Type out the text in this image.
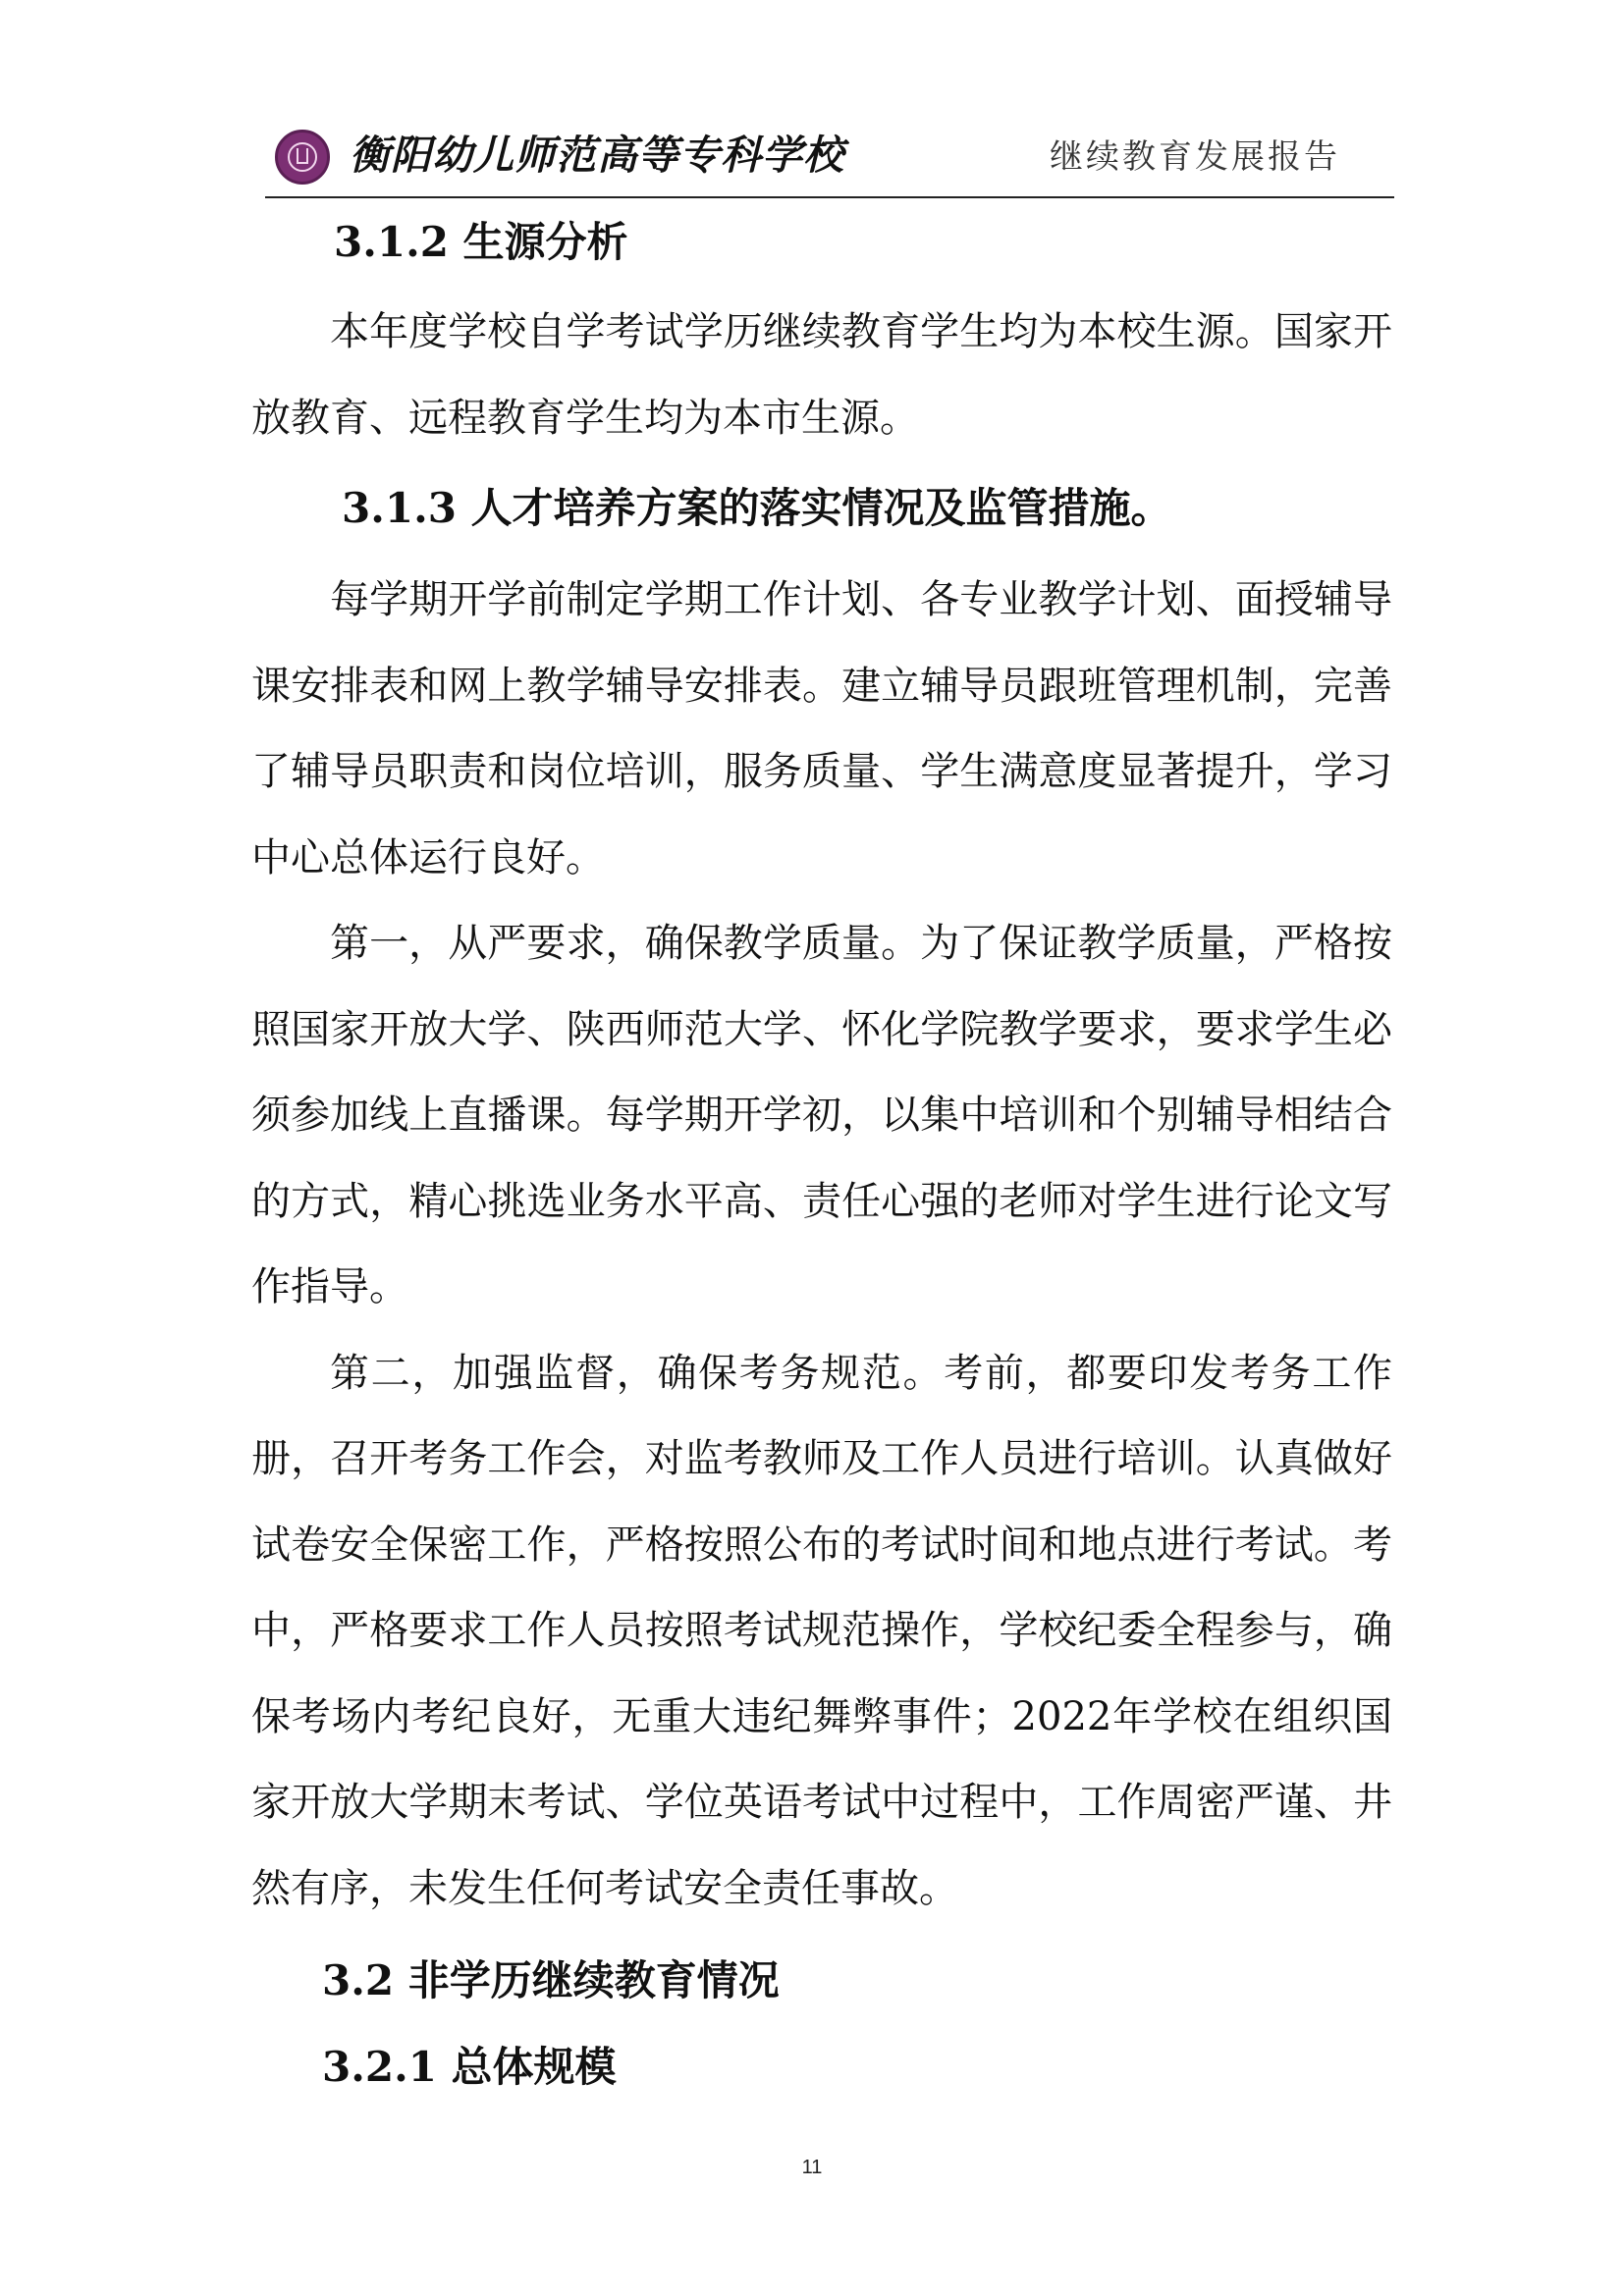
衡阳幼儿师范高等专科学校	继续教育发展报告
3.1.2 生源分析

本年度学校自学考试学历继续教育学生均为本校生源。国家开放教育、远程教育学生均为本市生源。

3.1.3 人才培养方案的落实情况及监管措施。

每学期开学前制定学期工作计划、各专业教学计划、面授辅导课安排表和网上教学辅导安排表。建立辅导员跟班管理机制，完善了辅导员职责和岗位培训，服务质量、学生满意度显著提升，学习中心总体运行良好。

第一，从严要求，确保教学质量。为了保证教学质量，严格按照国家开放大学、陕西师范大学、怀化学院教学要求，要求学生必须参加线上直播课。每学期开学初，以集中培训和个别辅导相结合的方式，精心挑选业务水平高、责任心强的老师对学生进行论文写作指导。

第二，加强监督，确保考务规范。考前，都要印发考务工作册，召开考务工作会，对监考教师及工作人员进行培训。认真做好试卷安全保密工作，严格按照公布的考试时间和地点进行考试。考中，严格要求工作人员按照考试规范操作，学校纪委全程参与，确保考场内考纪良好，无重大违纪舞弊事件；2022年学校在组织国家开放大学期末考试、学位英语考试中过程中，工作周密严谨、井然有序，未发生任何考试安全责任事故。

3.2 非学历继续教育情况
3.2.1 总体规模
11
